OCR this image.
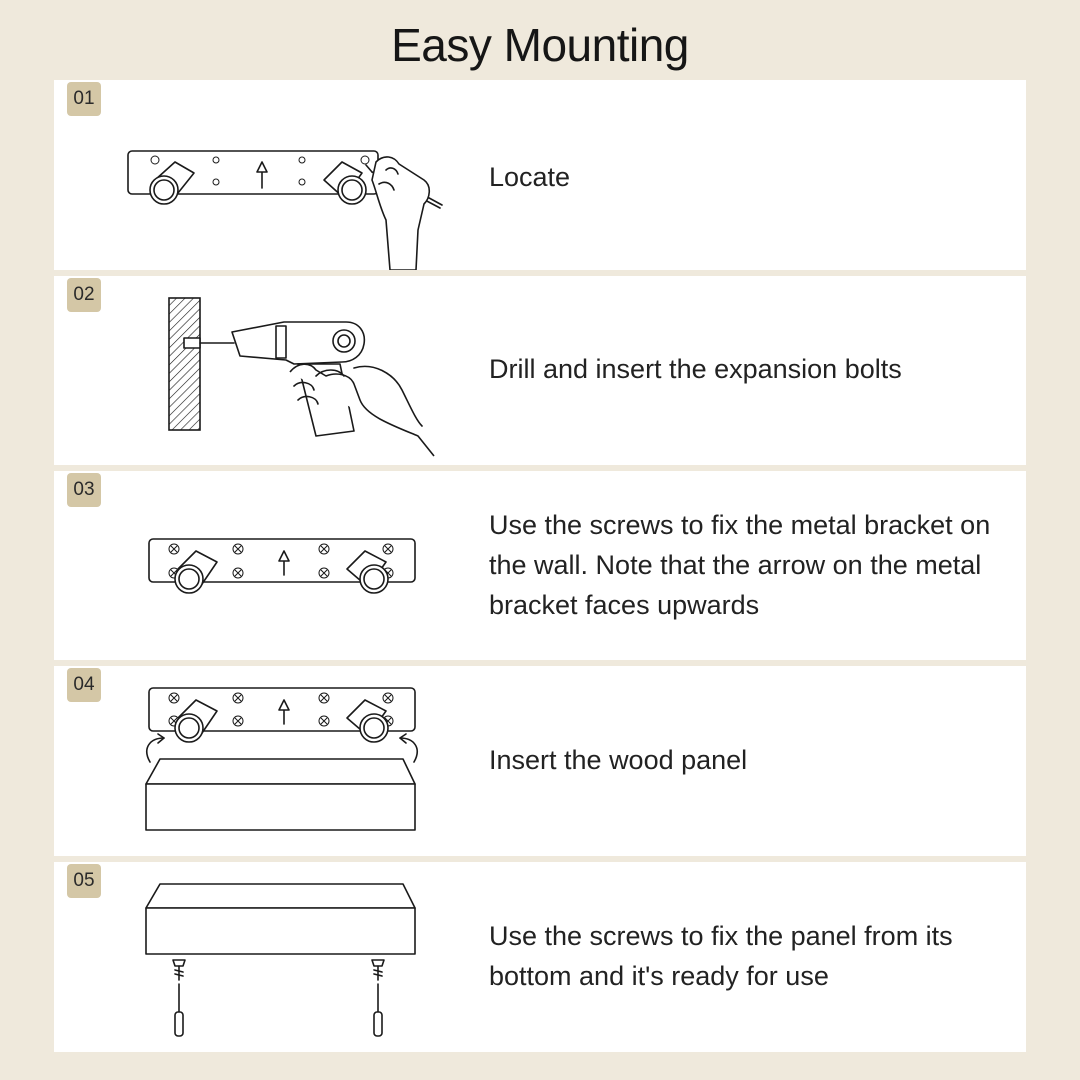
Easy Mounting
01
Locate
02
Drill and insert the expansion bolts
03
Use the screws to fix the metal bracket on the wall. Note that the arrow on the metal bracket faces upwards
04
Insert the wood panel
05
Use the screws to fix the panel from its bottom and it's ready for use
